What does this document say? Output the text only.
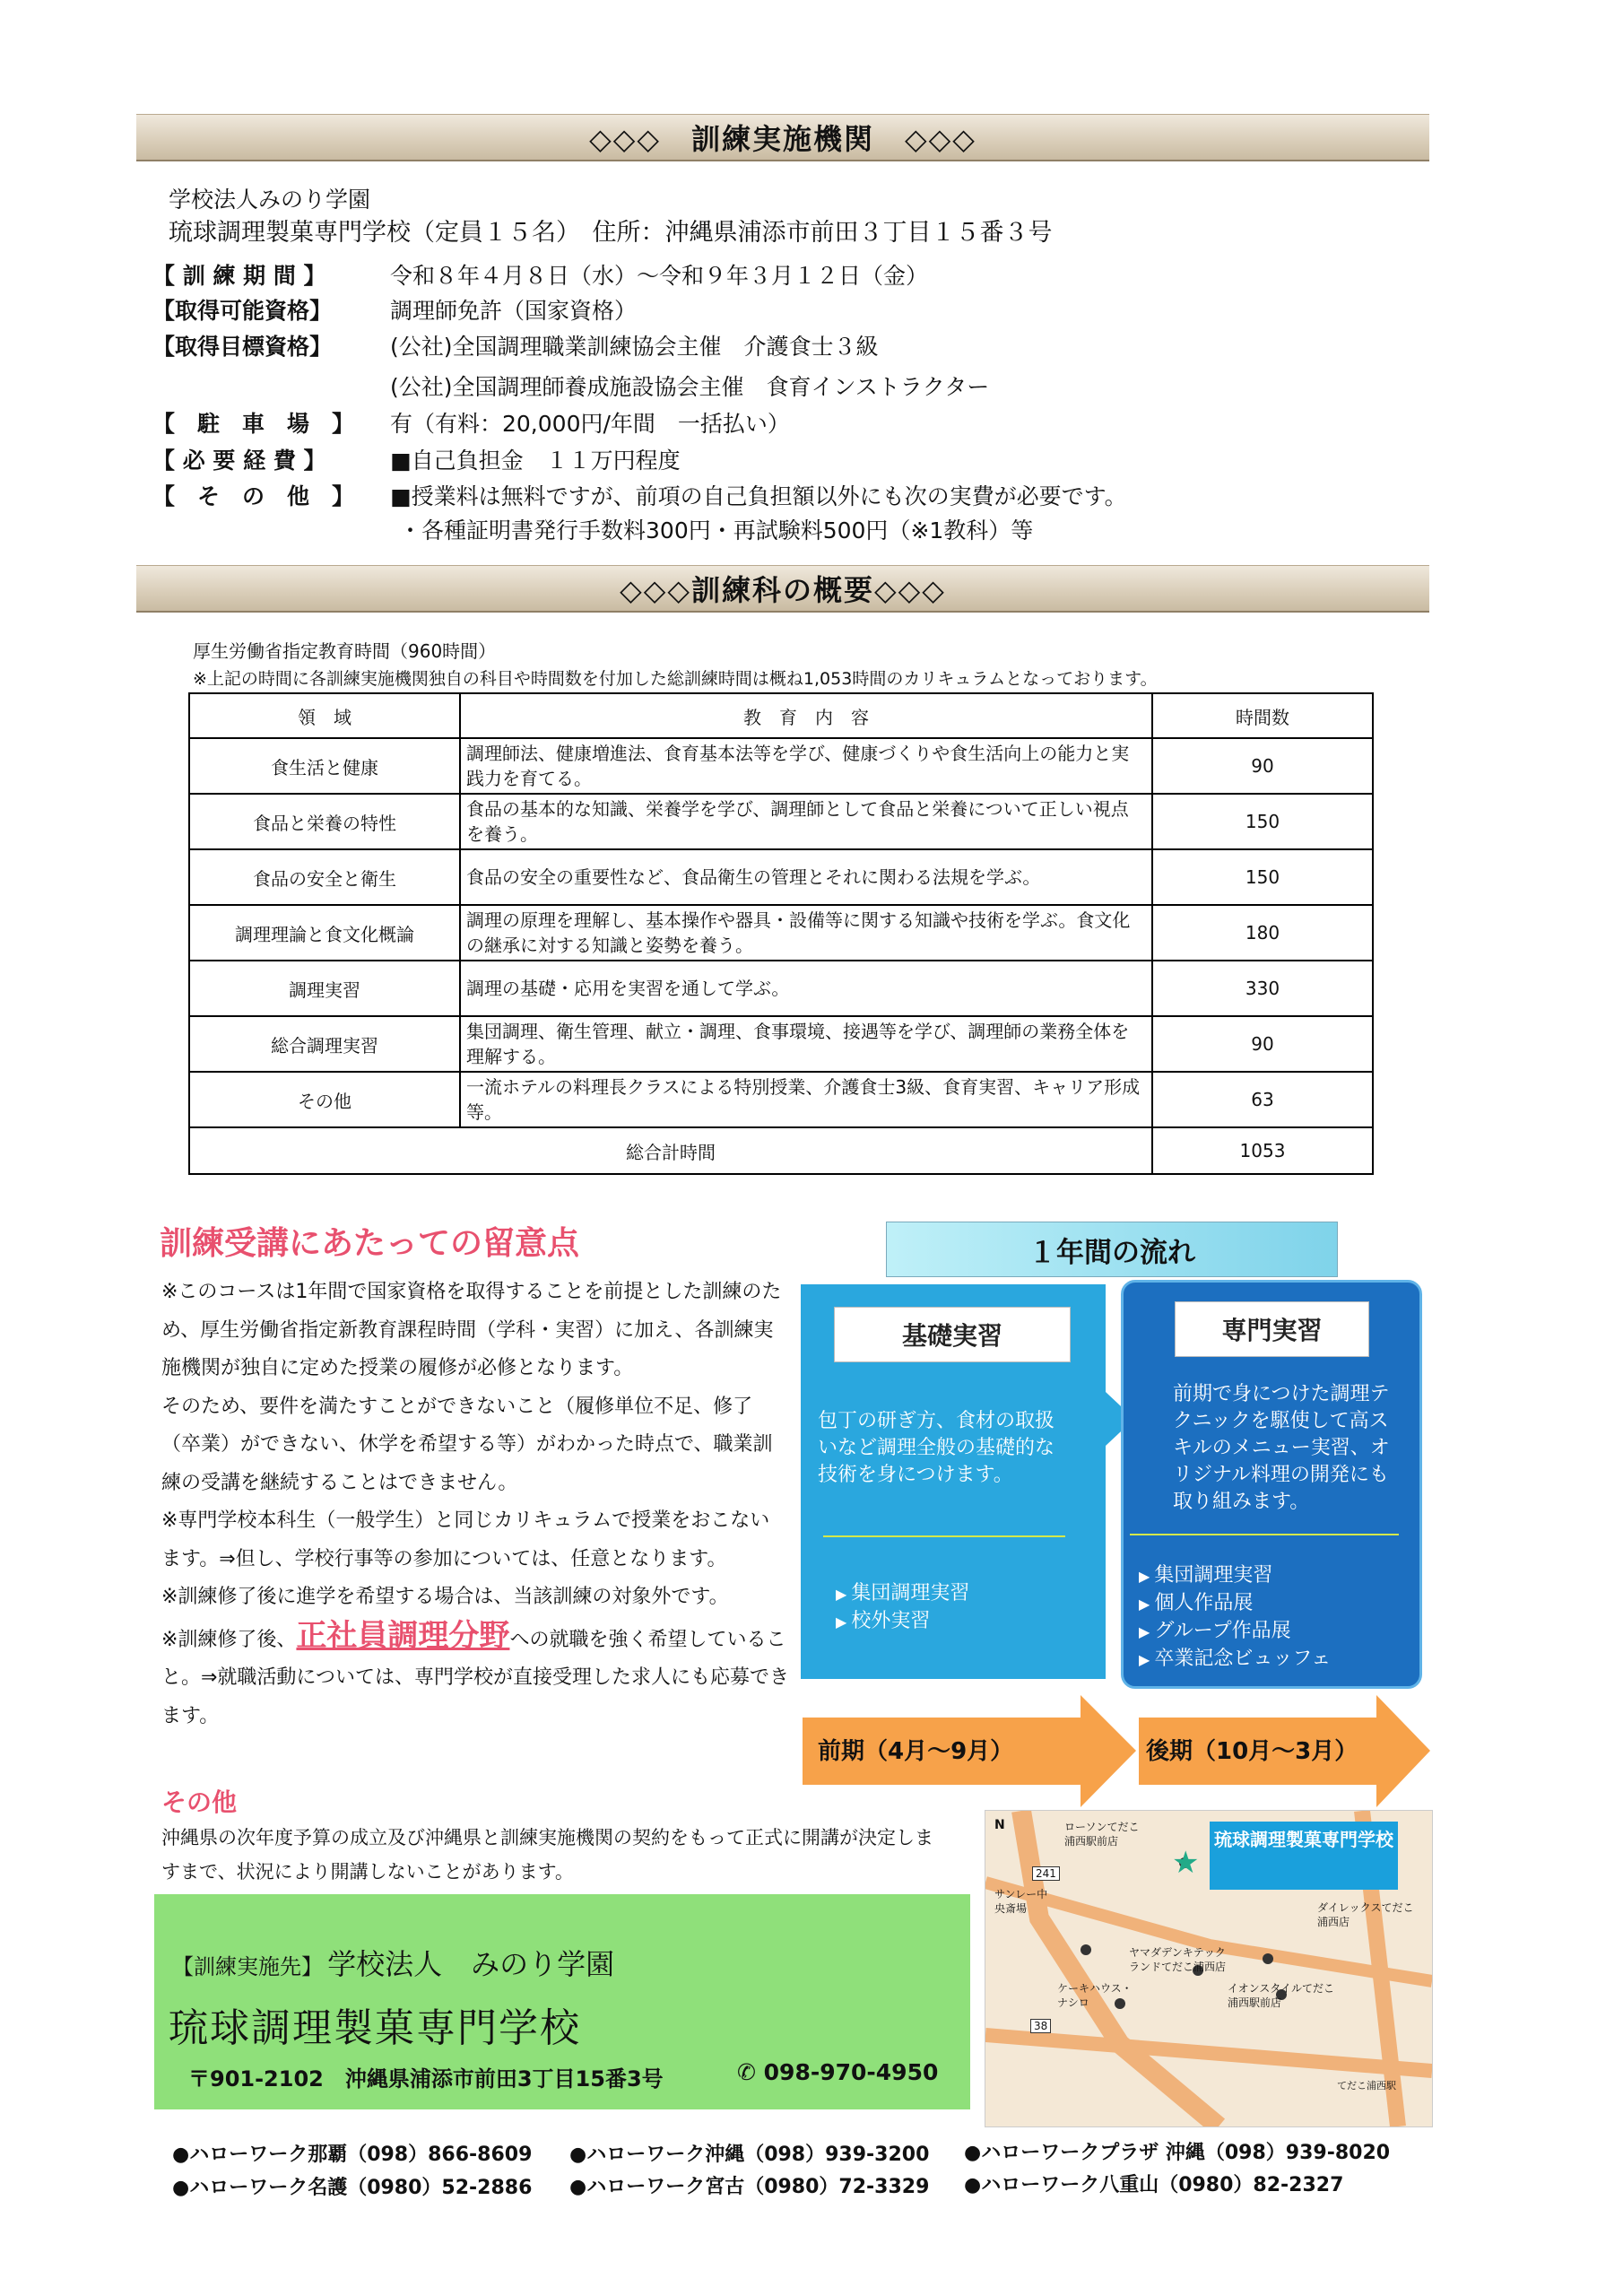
◇◇◇　訓練実施機関　◇◇◇
学校法人みのり学園
琉球調理製菓専門学校（定員１５名）　住所：沖縄県浦添市前田３丁目１５番３号
【 訓 練 期 間 】	令和８年４月８日（水）～令和９年３月１２日（金）
【取得可能資格】	調理師免許（国家資格）
【取得目標資格】	(公社)全国調理職業訓練協会主催　介護食士３級
(公社)全国調理師養成施設協会主催　食育インストラクター
【　駐　車　場　】 有（有料：20,000円/年間　一括払い）
【 必 要 経 費 】	■自己負担金　１１万円程度
【　そ　の　他　】 ■授業料は無料ですが、前項の自己負担額以外にも次の実費が必要です。
・各種証明書発行手数料300円・再試験料500円（※1教科）等
◇◇◇訓練科の概要◇◇◇
厚生労働省指定教育時間（960時間）
※上記の時間に各訓練実施機関独自の科目や時間数を付加した総訓練時間は概ね1,053時間のカリキュラムとなっております。
領　域	教　育　内　容	時間数
食生活と健康	調理師法、健康増進法、食育基本法等を学び、健康づくりや食生活向上の能力と実践力を育てる。	90
食品と栄養の特性	食品の基本的な知識、栄養学を学び、調理師として食品と栄養について正しい視点を養う。	150
食品の安全と衛生	食品の安全の重要性など、食品衛生の管理とそれに関わる法規を学ぶ。	150
調理理論と食文化概論	調理の原理を理解し、基本操作や器具・設備等に関する知識や技術を学ぶ。食文化の継承に対する知識と姿勢を養う。	180
調理実習	調理の基礎・応用を実習を通して学ぶ。	330
総合調理実習	集団調理、衛生管理、献立・調理、食事環境、接遇等を学び、調理師の業務全体を理解する。	90
その他	一流ホテルの料理長クラスによる特別授業、介護食士3級、食育実習、キャリア形成等。	63
総合計時間		1053
訓練受講にあたっての留意点
※このコースは1年間で国家資格を取得することを前提とした訓練のため、厚生労働省指定新教育課程時間（学科・実習）に加え、各訓練実施機関が独自に定めた授業の履修が必修となります。
そのため、要件を満たすことができないこと（履修単位不足、修了（卒業）ができない、休学を希望する等）がわかった時点で、職業訓練の受講を継続することはできません。
※専門学校本科生（一般学生）と同じカリキュラムで授業をおこないます。⇒但し、学校行事等の参加については、任意となります。
※訓練修了後に進学を希望する場合は、当該訓練の対象外です。
※訓練修了後、正社員調理分野への就職を強く希望していること。⇒就職活動については、専門学校が直接受理した求人にも応募できます。
その他
沖縄県の次年度予算の成立及び沖縄県と訓練実施機関の契約をもって正式に開講が決定しますまで、状況により開講しないことがあります。
１年間の流れ
基礎実習
包丁の研ぎ方、食材の取扱いなど調理全般の基礎的な技術を身につけます。
▶ 集団調理実習
▶ 校外実習
専門実習
前期で身につけた調理テクニックを駆使して高スキルのメニュー実習、オリジナル料理の開発にも取り組みます。
▶ 集団調理実習
▶ 個人作品展
▶ グループ作品展
▶ 卒業記念ビュッフェ
前期（4月～9月）	後期（10月～3月）
【訓練実施先】 学校法人　みのり学園
琉球調理製菓専門学校
〒901-2102　沖縄県浦添市前田3丁目15番3号	✆ 098-970-4950
琉球調理製菓専門学校
★
ローソンてだこ浦西駅前店
サンレー中央斎場
ヤマダデンキテックランドてだこ浦西店
ダイレックスてだこ浦西店
ケーキハウス・ナシロ
イオンスタイルてだこ浦西駅前店
241
38
N
てだこ浦西駅
●ハローワーク那覇（098）866-8609 ●ハローワーク沖縄（098）939-3200 ●ハローワークプラザ 沖縄（098）939-8020
●ハローワーク名護（0980）52-2886 ●ハローワーク宮古（0980）72-3329 ●ハローワーク八重山（0980）82-2327
